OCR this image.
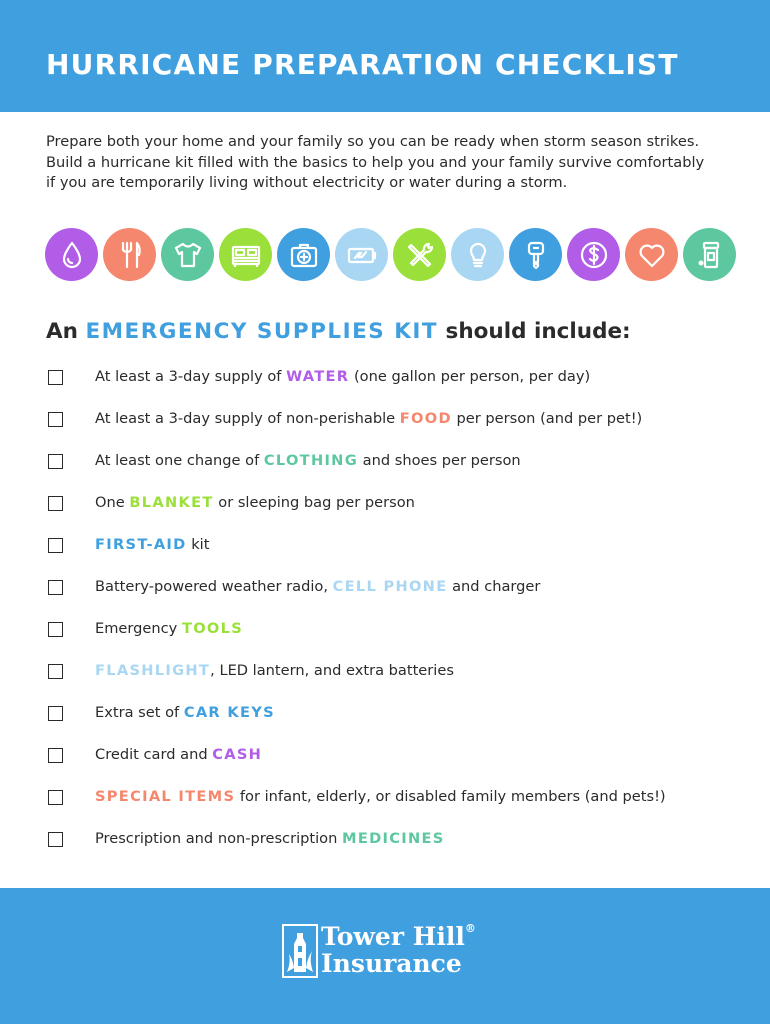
HURRICANE PREPARATION CHECKLIST

Prepare both your home and your family so you can be ready when storm season strikes.

Build a hurricane kit filled with the basics to help you and your family survive comfortably

if you are temporarily living without electricity or water during a storm.

An EMERGENCY SUPPLIES KIT should include:
At least a 3-day supply of WATER (one gallon per person, per day)
At least a 3-day supply of non-perishable FOOD per person (and per pet!)
At least one change of CLOTHING and shoes per person
One BLANKET or sleeping bag per person
FIRST-AID kit
Battery-powered weather radio, CELL PHONE and charger
Emergency TOOLS
FLASHLIGHT, LED lantern, and extra batteries
Extra set of CAR KEYS
Credit card and CASH
SPECIAL ITEMS for infant, elderly, or disabled family members (and pets!)
Prescription and non-prescription MEDICINES
Tower Hill®
Insurance
